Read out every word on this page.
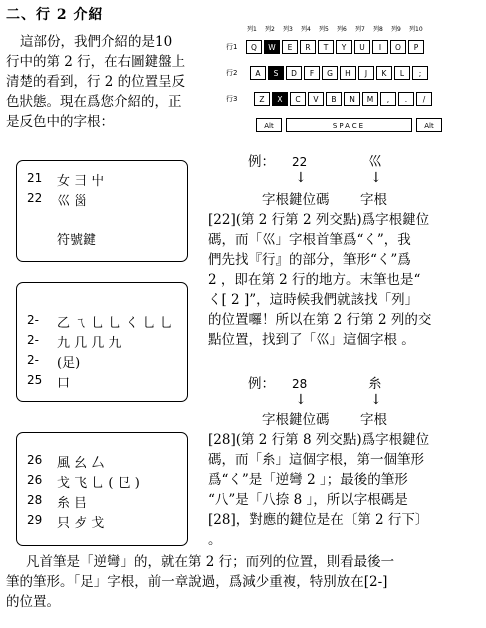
二、行 2 介紹
這部份，我們介紹的是10
行中的第 2 行，在右圖鍵盤上
清楚的看到，行 2 的位置呈反
色狀態。現在爲您介紹的，正
是反色中的字根：
列1 列2 列3 列4 列5 列6 列7 列8 列9 列10
行1
行2
行3
Q	W	E	R	T	Y	U	I	O	P
A	S	D	F	G	H	J	K	L	;
Z	X	C	V	B	N	M	,	.	/
Alt	SPACE	Alt
21 女 彐 屮
22 巛 𡿺
符號鍵
2- 乙 ㄟ 乚 乚 く 乚 乚
2- 九 几 几 九
2- (足)
25 口
26 風 幺 厶
26 戈 飞 乚 ( 㔾 )
28 糸 㠯
29 只 歺 戈
例： 22	巛
↓	↓
字根鍵位碼 字根
[22](第 2 行第 2 列交點)爲字根鍵位
碼，而「巛」字根首筆爲“く”，我
們先找『行』的部分，筆形“く”爲
2 ，即在第 2 行的地方。末筆也是“
く[ 2 ]”，這時候我們就該找「列」
的位置囉！所以在第 2 行第 2 列的交
點位置，找到了「巛」這個字根 。
例： 28	糸
↓	↓
字根鍵位碼 字根
[28](第 2 行第 8 列交點)爲字根鍵位
碼，而「糸」這個字根，第一個筆形
爲“く”是「逆彎 2 」；最後的筆形
“八”是「八捺 8 」，所以字根碼是
[28]，對應的鍵位是在〔第 2 行下〕
。
凡首筆是「逆彎」的，就在第 2 行；而列的位置，則看最後一
筆的筆形。「足」字根，前一章說過，爲減少重複，特別放在[2-]
的位置。
